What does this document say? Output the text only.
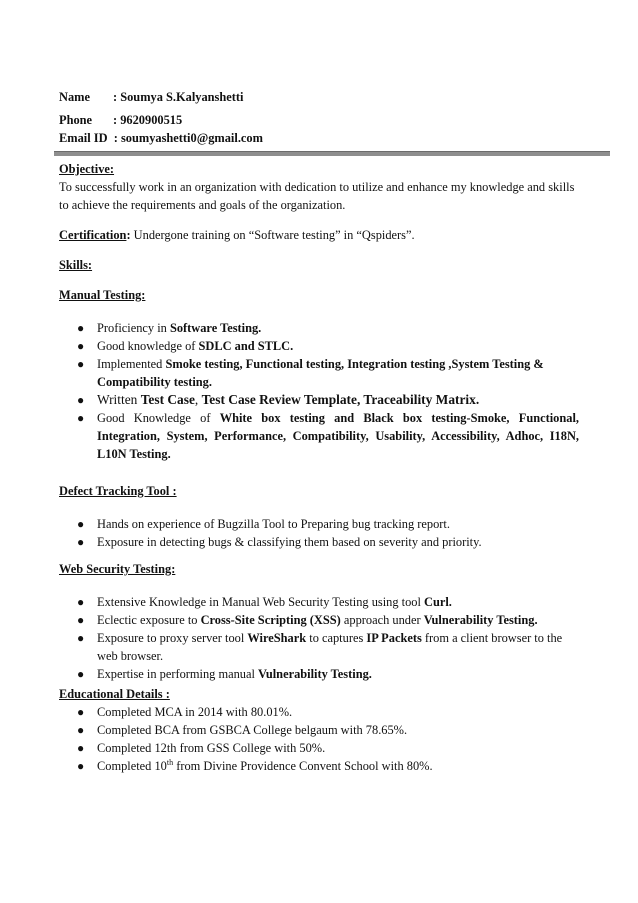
Name : Soumya S.Kalyanshetti
Phone : 9620900515
Email ID : soumyashetti0@gmail.com

Objective:

To successfully work in an organization with dedication to utilize and enhance my knowledge and skills to achieve the requirements and goals of the organization.

Certification: Undergone training on “Software testing” in “Qspiders”.

Skills:

Manual Testing:

● Proficiency in Software Testing.
● Good knowledge of SDLC and STLC.
● Implemented Smoke testing, Functional testing, Integration testing ,System Testing & Compatibility testing.
● Written Test Case, Test Case Review Template, Traceability Matrix.
● Good Knowledge of White box testing and Black box testing-Smoke, Functional, Integration, System, Performance, Compatibility, Usability, Accessibility, Adhoc, I18N, L10N Testing.

Defect Tracking Tool :

● Hands on experience of Bugzilla Tool to Preparing bug tracking report.
● Exposure in detecting bugs & classifying them based on severity and priority.

Web Security Testing:

● Extensive Knowledge in Manual Web Security Testing using tool Curl.
● Eclectic exposure to Cross-Site Scripting (XSS) approach under Vulnerability Testing.
● Exposure to proxy server tool WireShark to captures IP Packets from a client browser to the web browser.
● Expertise in performing manual Vulnerability Testing.

Educational Details :

● Completed MCA in 2014 with 80.01%.
● Completed BCA from GSBCA College belgaum with 78.65%.
● Completed 12th from GSS College with 50%.
● Completed 10th from Divine Providence Convent School with 80%.
